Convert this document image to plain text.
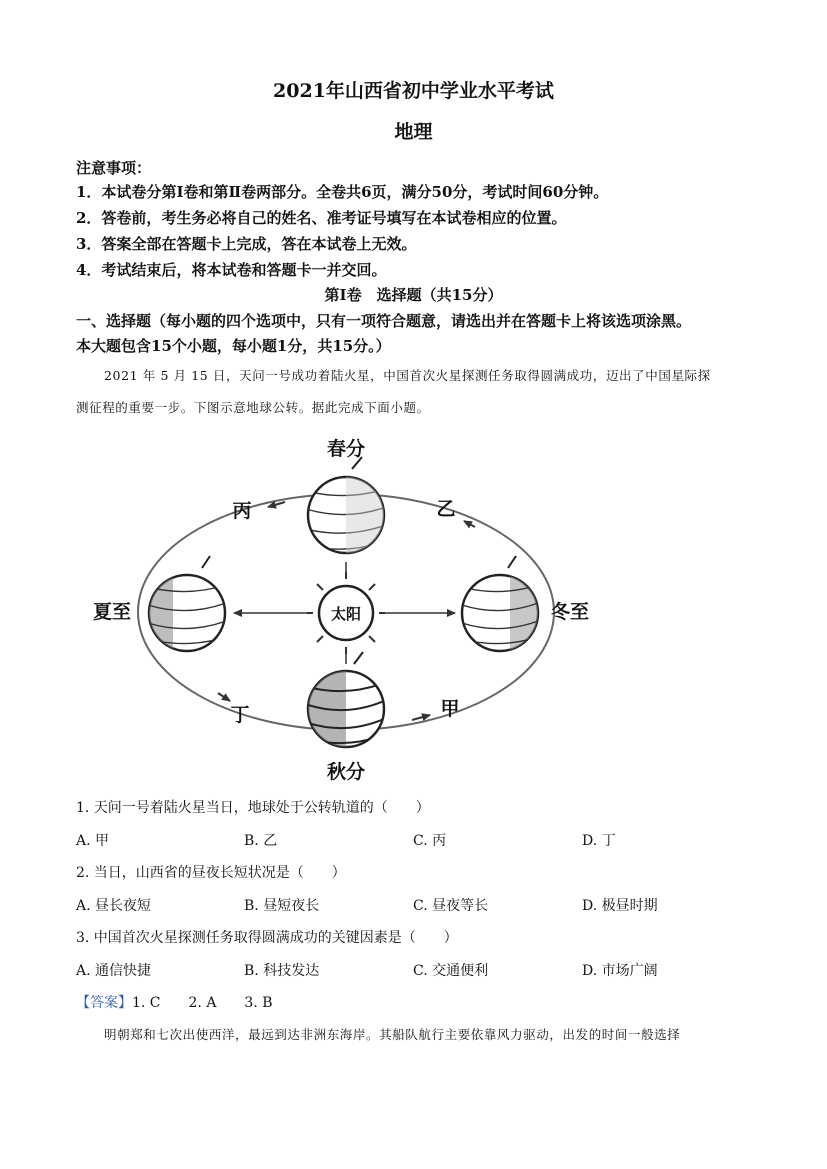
2021年山西省初中学业水平考试
地理
注意事项：
1．本试卷分第Ⅰ卷和第Ⅱ卷两部分。全卷共6页，满分50分，考试时间60分钟。
2．答卷前，考生务必将自己的姓名、准考证号填写在本试卷相应的位置。
3．答案全部在答题卡上完成，答在本试卷上无效。
4．考试结束后，将本试卷和答题卡一并交回。
第Ⅰ卷　选择题（共15分）
一、选择题（每小题的四个选项中，只有一项符合题意，请选出并在答题卡上将该选项涂黑。
本大题包含15个小题，每小题1分，共15分。）
2021 年 5 月 15 日，天问一号成功着陆火星，中国首次火星探测任务取得圆满成功，迈出了中国星际探
测征程的重要一步。下图示意地球公转。据此完成下面小题。
太阳
春分
夏至	冬至
秋分
丙	乙
丁	甲
1. 天问一号着陆火星当日，地球处于公转轨道的（　　）
A. 甲	B. 乙	C. 丙	D. 丁
2. 当日，山西省的昼夜长短状况是（　　）
A. 昼长夜短	B. 昼短夜长	C. 昼夜等长	D. 极昼时期
3. 中国首次火星探测任务取得圆满成功的关键因素是（　　）
A. 通信快捷	B. 科技发达	C. 交通便利	D. 市场广阔
【答案】1. C　　2. A　　3. B
明朝郑和七次出使西洋，最远到达非洲东海岸。其船队航行主要依靠风力驱动，出发的时间一般选择
